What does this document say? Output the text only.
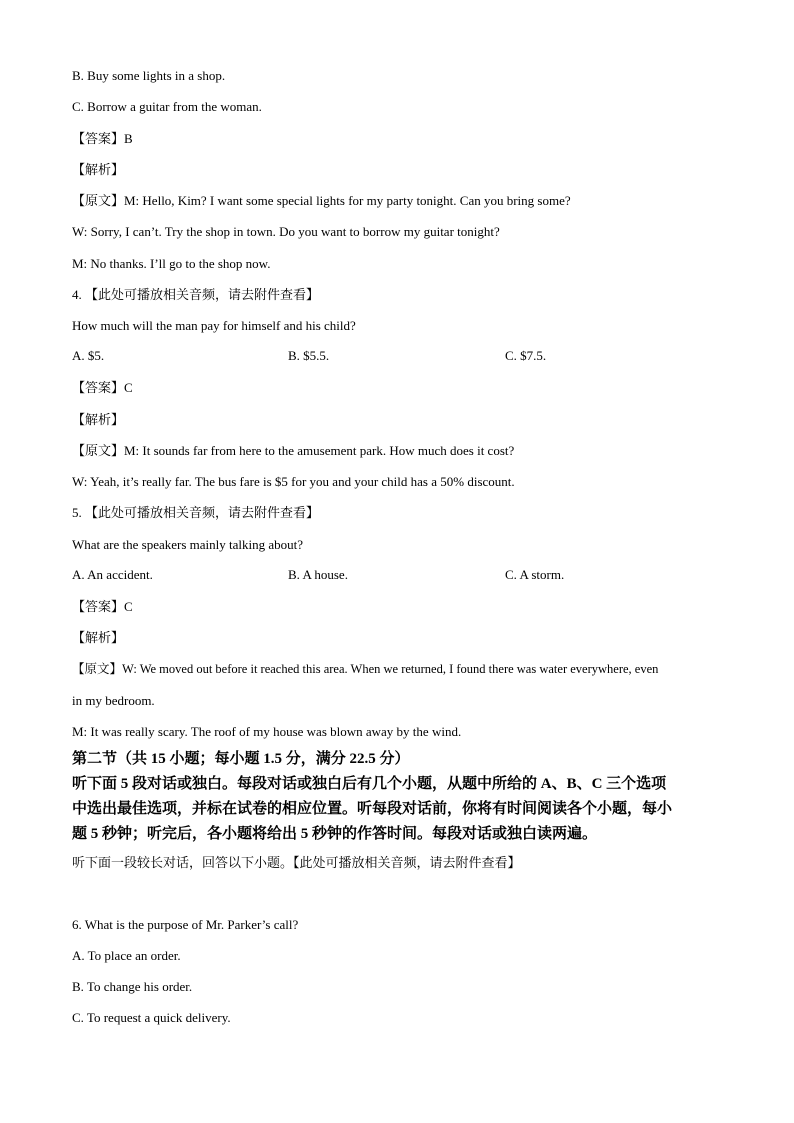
B. Buy some lights in a shop.
C. Borrow a guitar from the woman.
【答案】B
【解析】
【原文】M: Hello, Kim? I want some special lights for my party tonight. Can you bring some?
W: Sorry, I can’t. Try the shop in town. Do you want to borrow my guitar tonight?
M: No thanks. I’ll go to the shop now.
4. 【此处可播放相关音频，请去附件查看】
How much will the man pay for himself and his child?
A. $5.	B. $5.5.	C. $7.5.
【答案】C
【解析】
【原文】M: It sounds far from here to the amusement park. How much does it cost?
W: Yeah, it’s really far. The bus fare is $5 for you and your child has a 50% discount.
5. 【此处可播放相关音频，请去附件查看】
What are the speakers mainly talking about?
A. An accident.	B. A house.	C. A storm.
【答案】C
【解析】
【原文】W: We moved out before it reached this area. When we returned, I found there was water everywhere, even
in my bedroom.
M: It was really scary. The roof of my house was blown away by the wind.
第二节（共 15 小题；每小题 1.5 分，满分 22.5 分）
听下面 5 段对话或独白。每段对话或独白后有几个小题，从题中所给的 A、B、C 三个选项
中选出最佳选项，并标在试卷的相应位置。听每段对话前，你将有时间阅读各个小题，每小
题 5 秒钟；听完后，各小题将给出 5 秒钟的作答时间。每段对话或独白读两遍。
听下面一段较长对话，回答以下小题。【此处可播放相关音频，请去附件查看】
6. What is the purpose of Mr. Parker’s call?
A. To place an order.
B. To change his order.
C. To request a quick delivery.
